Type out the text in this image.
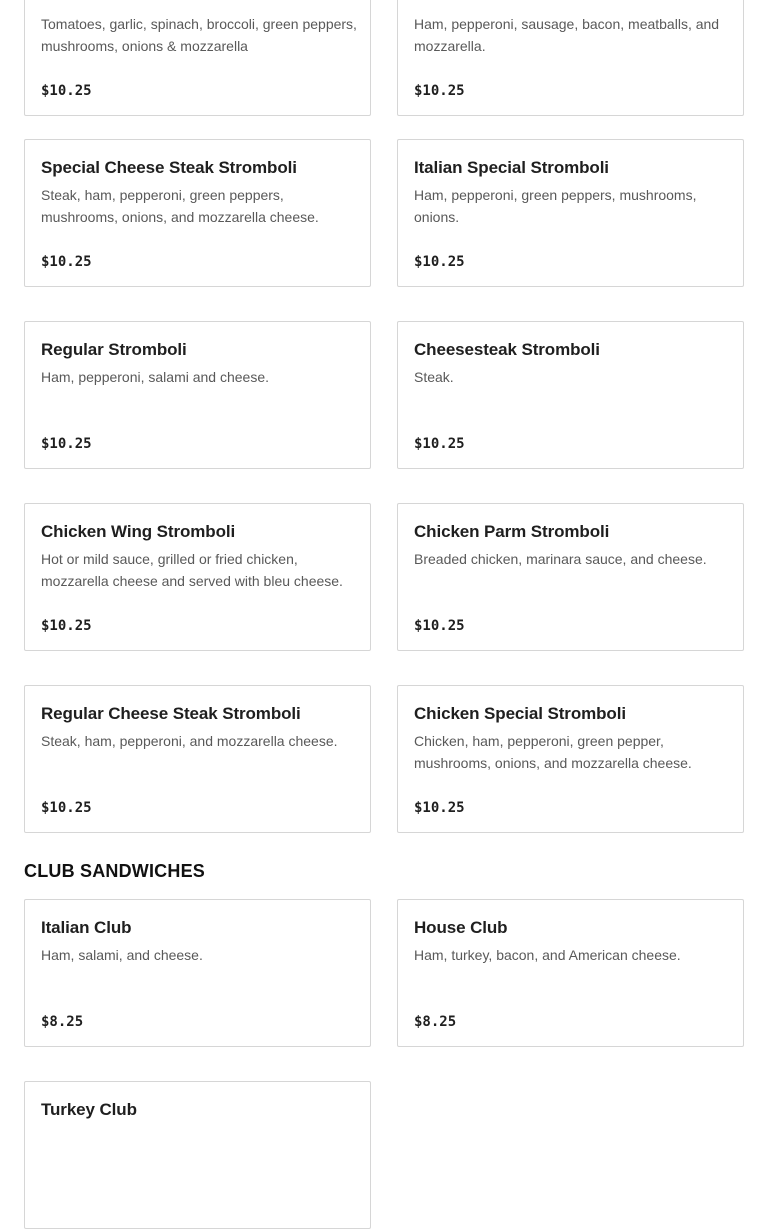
Tomatoes, garlic, spinach, broccoli, green peppers, mushrooms, onions & mozzarella
$10.25
Ham, pepperoni, sausage, bacon, meatballs, and mozzarella.
$10.25
Special Cheese Steak Stromboli
Steak, ham, pepperoni, green peppers, mushrooms, onions, and mozzarella cheese.
$10.25
Italian Special Stromboli
Ham, pepperoni, green peppers, mushrooms, onions.
$10.25
Regular Stromboli
Ham, pepperoni, salami and cheese.
$10.25
Cheesesteak Stromboli
Steak.
$10.25
Chicken Wing Stromboli
Hot or mild sauce, grilled or fried chicken, mozzarella cheese and served with bleu cheese.
$10.25
Chicken Parm Stromboli
Breaded chicken, marinara sauce, and cheese.
$10.25
Regular Cheese Steak Stromboli
Steak, ham, pepperoni, and mozzarella cheese.
$10.25
Chicken Special Stromboli
Chicken, ham, pepperoni, green pepper, mushrooms, onions, and mozzarella cheese.
$10.25
CLUB SANDWICHES
Italian Club
Ham, salami, and cheese.
$8.25
House Club
Ham, turkey, bacon, and American cheese.
$8.25
Turkey Club
